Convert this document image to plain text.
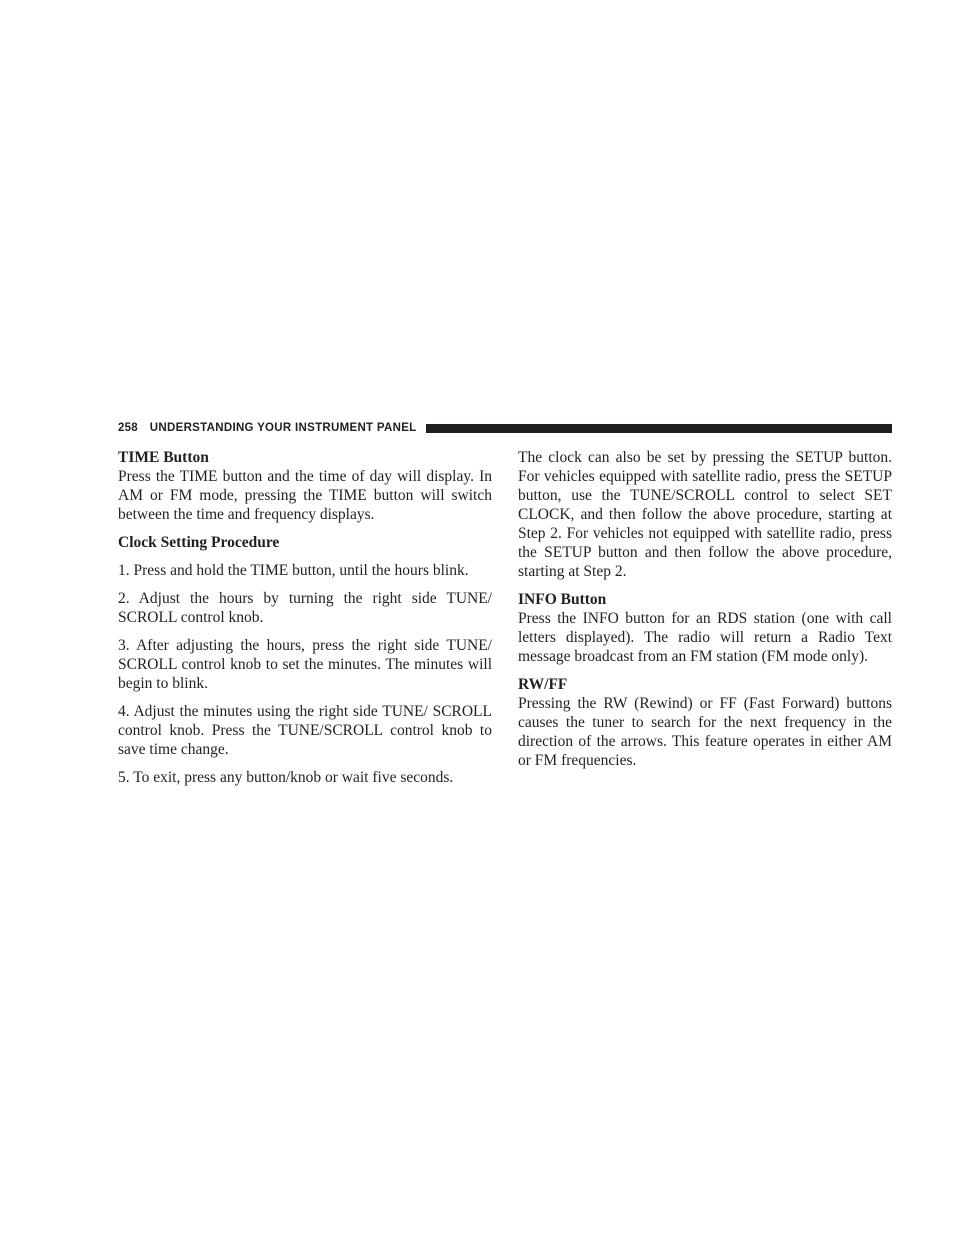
258 UNDERSTANDING YOUR INSTRUMENT PANEL
TIME Button

Press the TIME button and the time of day will display. In AM or FM mode, pressing the TIME button will switch between the time and frequency displays.

Clock Setting Procedure

1. Press and hold the TIME button, until the hours blink.

2. Adjust the hours by turning the right side TUNE/ SCROLL control knob.

3. After adjusting the hours, press the right side TUNE/ SCROLL control knob to set the minutes. The minutes will begin to blink.

4. Adjust the minutes using the right side TUNE/ SCROLL control knob. Press the TUNE/SCROLL control knob to save time change.

5. To exit, press any button/knob or wait five seconds.

The clock can also be set by pressing the SETUP button. For vehicles equipped with satellite radio, press the SETUP button, use the TUNE/SCROLL control to select SET CLOCK, and then follow the above procedure, starting at Step 2. For vehicles not equipped with satellite radio, press the SETUP button and then follow the above procedure, starting at Step 2.

INFO Button

Press the INFO button for an RDS station (one with call letters displayed). The radio will return a Radio Text message broadcast from an FM station (FM mode only).

RW/FF

Pressing the RW (Rewind) or FF (Fast Forward) buttons causes the tuner to search for the next frequency in the direction of the arrows. This feature operates in either AM or FM frequencies.
